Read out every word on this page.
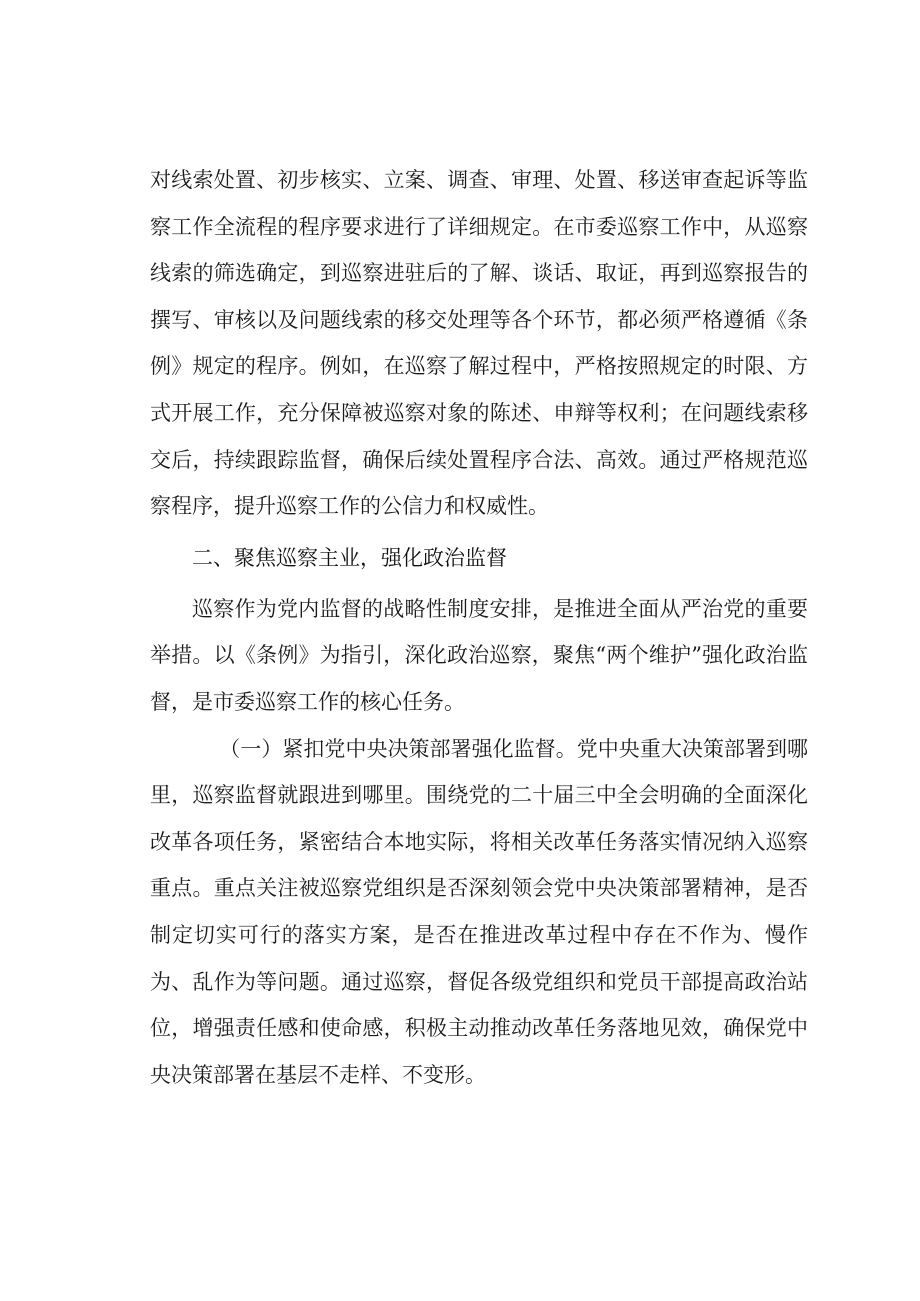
对线索处置、初步核实、立案、调查、审理、处置、移送审查起诉等监察工作全流程的程序要求进行了详细规定。在市委巡察工作中，从巡察线索的筛选确定，到巡察进驻后的了解、谈话、取证，再到巡察报告的撰写、审核以及问题线索的移交处理等各个环节，都必须严格遵循《条例》规定的程序。例如，在巡察了解过程中，严格按照规定的时限、方式开展工作，充分保障被巡察对象的陈述、申辩等权利；在问题线索移交后，持续跟踪监督，确保后续处置程序合法、高效。通过严格规范巡察程序，提升巡察工作的公信力和权威性。

二、聚焦巡察主业，强化政治监督

巡察作为党内监督的战略性制度安排，是推进全面从严治党的重要举措。以《条例》为指引，深化政治巡察，聚焦“两个维护”强化政治监督，是市委巡察工作的核心任务。

（一）紧扣党中央决策部署强化监督。党中央重大决策部署到哪里，巡察监督就跟进到哪里。围绕党的二十届三中全会明确的全面深化改革各项任务，紧密结合本地实际，将相关改革任务落实情况纳入巡察重点。重点关注被巡察党组织是否深刻领会党中央决策部署精神，是否制定切实可行的落实方案，是否在推进改革过程中存在不作为、慢作为、乱作为等问题。通过巡察，督促各级党组织和党员干部提高政治站位，增强责任感和使命感，积极主动推动改革任务落地见效，确保党中央决策部署在基层不走样、不变形。
